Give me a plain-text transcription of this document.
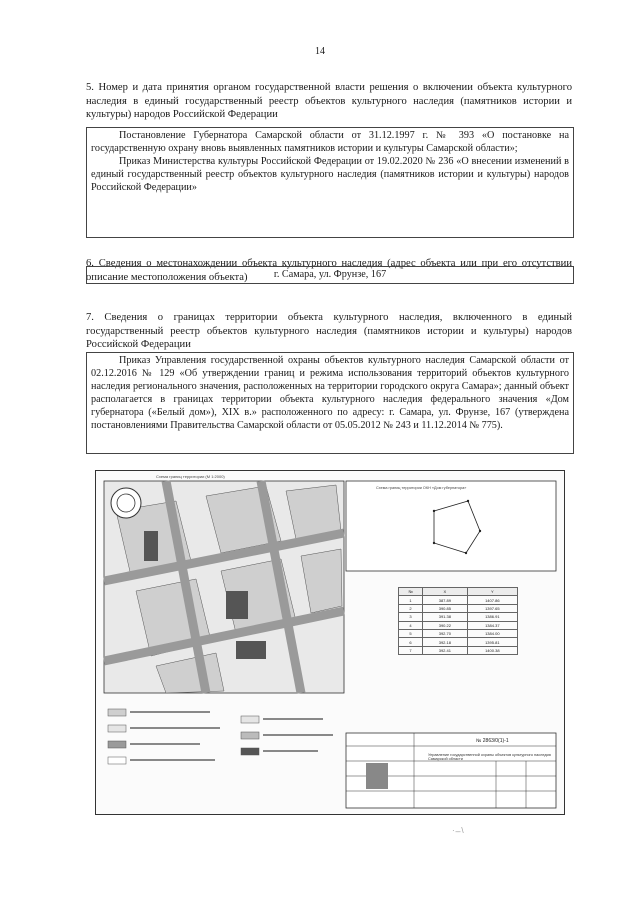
14
5. Номер и дата принятия органом государственной власти решения о включении объекта культурного наследия в единый государственный реестр объектов культурного наследия (памятников истории и культуры) народов Российской Федерации

Постановление Губернатора Самарской области от 31.12.1997 г. № 393 «О постановке на государственную охрану вновь выявленных памятников истории и культуры Самарской области»;

Приказ Министерства культуры Российской Федерации от 19.02.2020 № 236 «О внесении изменений в единый государственный реестр объектов культурного наследия (памятников истории и культуры) народов Российской Федерации»

6. Сведения о местонахождении объекта культурного наследия (адрес объекта или при его отсутствии описание местоположения объекта)	г. Самара, ул. Фрунзе, 167

7. Сведения о границах территории объекта культурного наследия, включенного в единый государственный реестр объектов культурного наследия (памятников истории и культуры) народов Российской Федерации

Приказ Управления государственной охраны объектов культурного наследия Самарской области от 02.12.2016 № 129 «Об утверждении границ и режима использования территорий объектов культурного наследия регионального значения, расположенных на территории городского округа Самара»; данный объект располагается в границах территории объекта культурного наследия федерального значения «Дом губернатора («Белый дом»), XIX в.» расположенного по адресу: г. Самара, ул. Фрунзе, 167 (утверждена постановлениями Правительства Самарской области от 05.05.2012 № 243 и 11.12.2014 № 775).

Схема границ территории (М 1:2000)
Схема границ территории ОКН «Дом губернатора»
№	X	Y
1	387.89	1407.86
2	390.85	1397.65
3	391.38	1386.91
4	390.22	1384.37
5	392.70	1384.00
6	392.18	1395.81
7	392.41	1400.38
№ 2863/0(1)-1
Управление государственной охраны объектов культурного наследия Самарской области
· ̵ ̵ \
